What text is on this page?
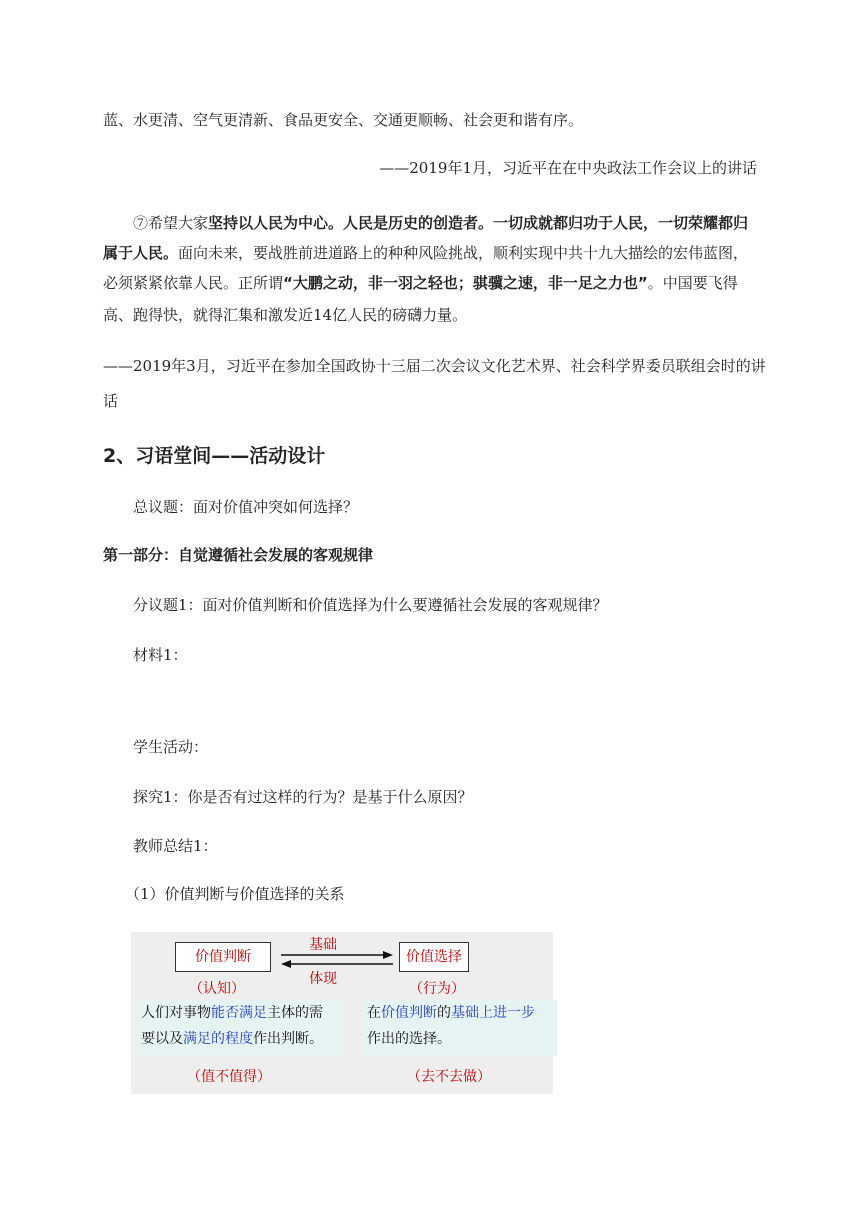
蓝、水更清、空气更清新、食品更安全、交通更顺畅、社会更和谐有序。
——2019年1月，习近平在在中央政法工作会议上的讲话
⑦希望大家坚持以人民为中心。人民是历史的创造者。一切成就都归功于人民，一切荣耀都归
属于人民。面向未来，要战胜前进道路上的种种风险挑战，顺利实现中共十九大描绘的宏伟蓝图，
必须紧紧依靠人民。正所谓“大鹏之动，非一羽之轻也；骐骥之速，非一足之力也”。中国要飞得
高、跑得快，就得汇集和激发近14亿人民的磅礴力量。
——2019年3月，习近平在参加全国政协十三届二次会议文化艺术界、社会科学界委员联组会时的讲
话
2、习语堂间——活动设计
总议题：面对价值冲突如何选择？
第一部分：自觉遵循社会发展的客观规律
分议题1：面对价值判断和价值选择为什么要遵循社会发展的客观规律？
材料1：
学生活动：
探究1：你是否有过这样的行为？是基于什么原因？
教师总结1：
（1）价值判断与价值选择的关系
价值判断	价值选择
基础
体现
（认知）	（行为）
人们对事物能否满足主体的需
要以及满足的程度作出判断。
在价值判断的基础上进一步
作出的选择。
（值不值得）	（去不去做）
